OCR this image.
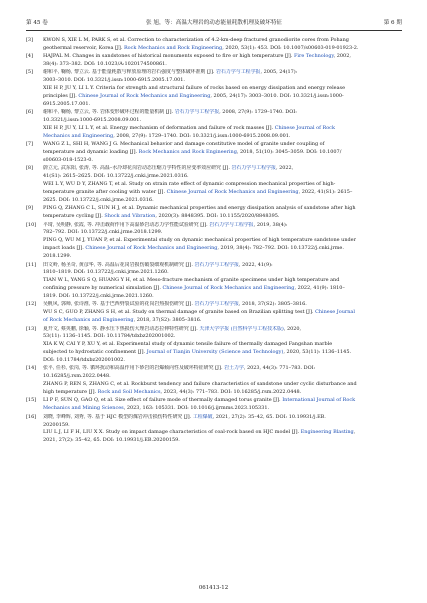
第 45 卷	张 旭，等：高温大理岩的动态能量耗散机理及破坏特征	第 6 期
[3] KWON S, XIE L M, PARK S, et al. Correction to characterization of 4.2-km-deep fractured granodiorite cores from Pohang
geothermal reservoir, Korea [J]. Rock Mechanics and Rock Engineering, 2020, 53(1): 453. DOI: 10.1007/s00603-019-01923-2.
[4] HAJPÁL M. Changes in sandstones of historical monuments exposed to fire or high temperature [J]. Fire Technology, 2002,
38(4): 373–382. DOI: 10.1023/A:1020174500861.
[5] 谢和平, 鞠杨, 黎立云. 基于能量耗散与释放原理的岩石强度与整体破坏准则 [J]. 岩石力学与工程学报, 2005, 24(17):
3003–3010. DOI: 10.3321/j.issn:1000-6915.2005.17.001.
XIE H P, JU Y, LI L Y. Criteria for strength and structural failure of rocks based on energy dissipation and energy release
principles [J]. Chinese Journal of Rock Mechanics and Engineering, 2005, 24(17): 3003–3010. DOI: 10.3321/j.issn:1000-
6915.2005.17.001.
[6] 谢和平, 鞠杨, 黎立云, 等. 岩体变形破坏过程的能量机制 [J]. 岩石力学与工程学报, 2008, 27(9): 1729–1740. DOI:
10.3321/j.issn:1000-6915.2008.09.001.
XIE H P, JU Y, LI L Y, et al. Energy mechanism of deformation and failure of rock masses [J]. Chinese Journal of Rock
Mechanics and Engineering, 2008, 27(9): 1729–1740. DOI: 10.3321/j.issn:1000-6915.2008.09.001.
[7] WANG Z L, SHI H, WANG J G. Mechanical behavior and damage constitutive model of granite under coupling of
temperature and dynamic loading [J]. Rock Mechanics and Rock Engineering, 2018, 51(10): 3045–3059. DOI: 10.1007/
s00603-018-1523-0.
[8] 蔚立元, 武东阳, 张涛, 等. 高温–水冷却花岗岩动态压缩力学特性的应变率效应研究 [J]. 岩石力学与工程学报, 2022,
41(S1): 2615–2625. DOI: 10.13722/j.cnki.jrme.2021.0316.
WEI L Y, WU D Y, ZHANG T, et al. Study on strain rate effect of dynamic compression mechanical properties of high-
temperature granite after cooling with water [J]. Chinese Journal of Rock Mechanics and Engineering, 2022, 41(S1): 2615–
2625. DOI: 10.13722/j.cnki.jrme.2021.0316.
[9] PING Q, ZHANG C L, SUN H J, et al. Dynamic mechanical properties and energy dissipation analysis of sandstone after high
temperature cycling [J]. Shock and Vibration, 2020(3): 8848395. DOI: 10.1155/2020/8848395.
[10] 平琦, 吴明静, 张霞, 等. 冲击载荷作用下高温砂岩动态力学性能试验研究 [J]. 岩石力学与工程学报, 2019, 38(4):
782–792. DOI: 10.13722/j.cnki.jrme.2018.1299.
PING Q, WU M J, YUAN P, et al. Experimental study on dynamic mechanical properties of high temperature sandstone under
impact loads [J]. Chinese Journal of Rock Mechanics and Engineering, 2019, 38(4): 782–792. DOI: 10.13722/j.cnki.jrme.
2018.1299.
[11] 田文岭, 杨圣奇, 黄彦华, 等. 高温后花岗岩损伤破裂细观机制研究 [J]. 岩石力学与工程学报, 2022, 41(9):
1810–1819. DOI: 10.13722/j.cnki.jrme.2021.1260.
TIAN W L, YANG S Q, HUANG Y H, et al. Meso-fracture mechanism of granite specimens under high temperature and
confining pressure by numerical simulation [J]. Chinese Journal of Rock Mechanics and Engineering, 2022, 41(9): 1810–
1819. DOI: 10.13722/j.cnki.jrme.2021.1260.
[12] 吴帆风, 郭师, 张诗淮, 等. 基于巴西劈裂试验的花岗岩热损伤研究 [J]. 岩石力学与工程学报, 2018, 37(S2): 3805–3816.
WU S C, GUO P, ZHANG S H, et al. Study on thermal damage of granite based on Brazilian splitting test [J]. Chinese Journal
of Rock Mechanics and Engineering, 2018, 37(S2): 3805–3816.
[13] 夏开文, 蔡英鹏, 徐颖, 等. 静水压下热损伤大理岩动态拉伸特性研究 [J]. 天津大学学报 (自然科学与工程技术版), 2020,
53(11): 1136–1145. DOI: 10.11784/tdxbz202001002.
XIA K W, CAI Y P, XU Y, et al. Experimental study of dynamic tensile failure of thermally damaged Fangshan marble
subjected to hydrostatic confinement [J]. Journal of Tianjin University (Science and Technology), 2020, 53(11): 1136–1145.
DOI: 10.11784/tdxbz202001002.
[14] 张平, 任杉, 张岗, 等. 循环扰动和高温作用下砂岩的岩爆倾向性及破坏特征研究 [J]. 岩土力学, 2023, 44(3): 771–783. DOI:
10.16285/j.rsm.2022.0448.
ZHANG P, REN S, ZHANG C, et al. Rockburst tendency and failure characteristics of sandstone under cyclic disturbance and
high temperature [J]. Rock and Soil Mechanics, 2023, 44(3): 771–783. DOI: 10.16285/j.rsm.2022.0448.
[15] LI P F, SUN Q, GAO Q, et al. Size effect of failure mode of thermally damaged torus granite [J]. International Journal of Rock
Mechanics and Mining Sciences, 2023, 163: 105331. DOI: 10.1016/j.ijrmms.2023.105331.
[16] 刘晓, 李峰辉, 刘秀, 等. 基于 HJC 模型的煤岩冲击损伤特性研究 [J]. 工程爆破, 2021, 27(2): 35–42, 65. DOI: 10.19931/j.EB.
20200159.
LIU L J, LI F H, LIU X X. Study on impact damage characteristics of coal-rock based on HJC model [J]. Engineering Blasting,
2021, 27(2): 35–42, 65. DOI: 10.19931/j.EB.20200159.
061413-12
